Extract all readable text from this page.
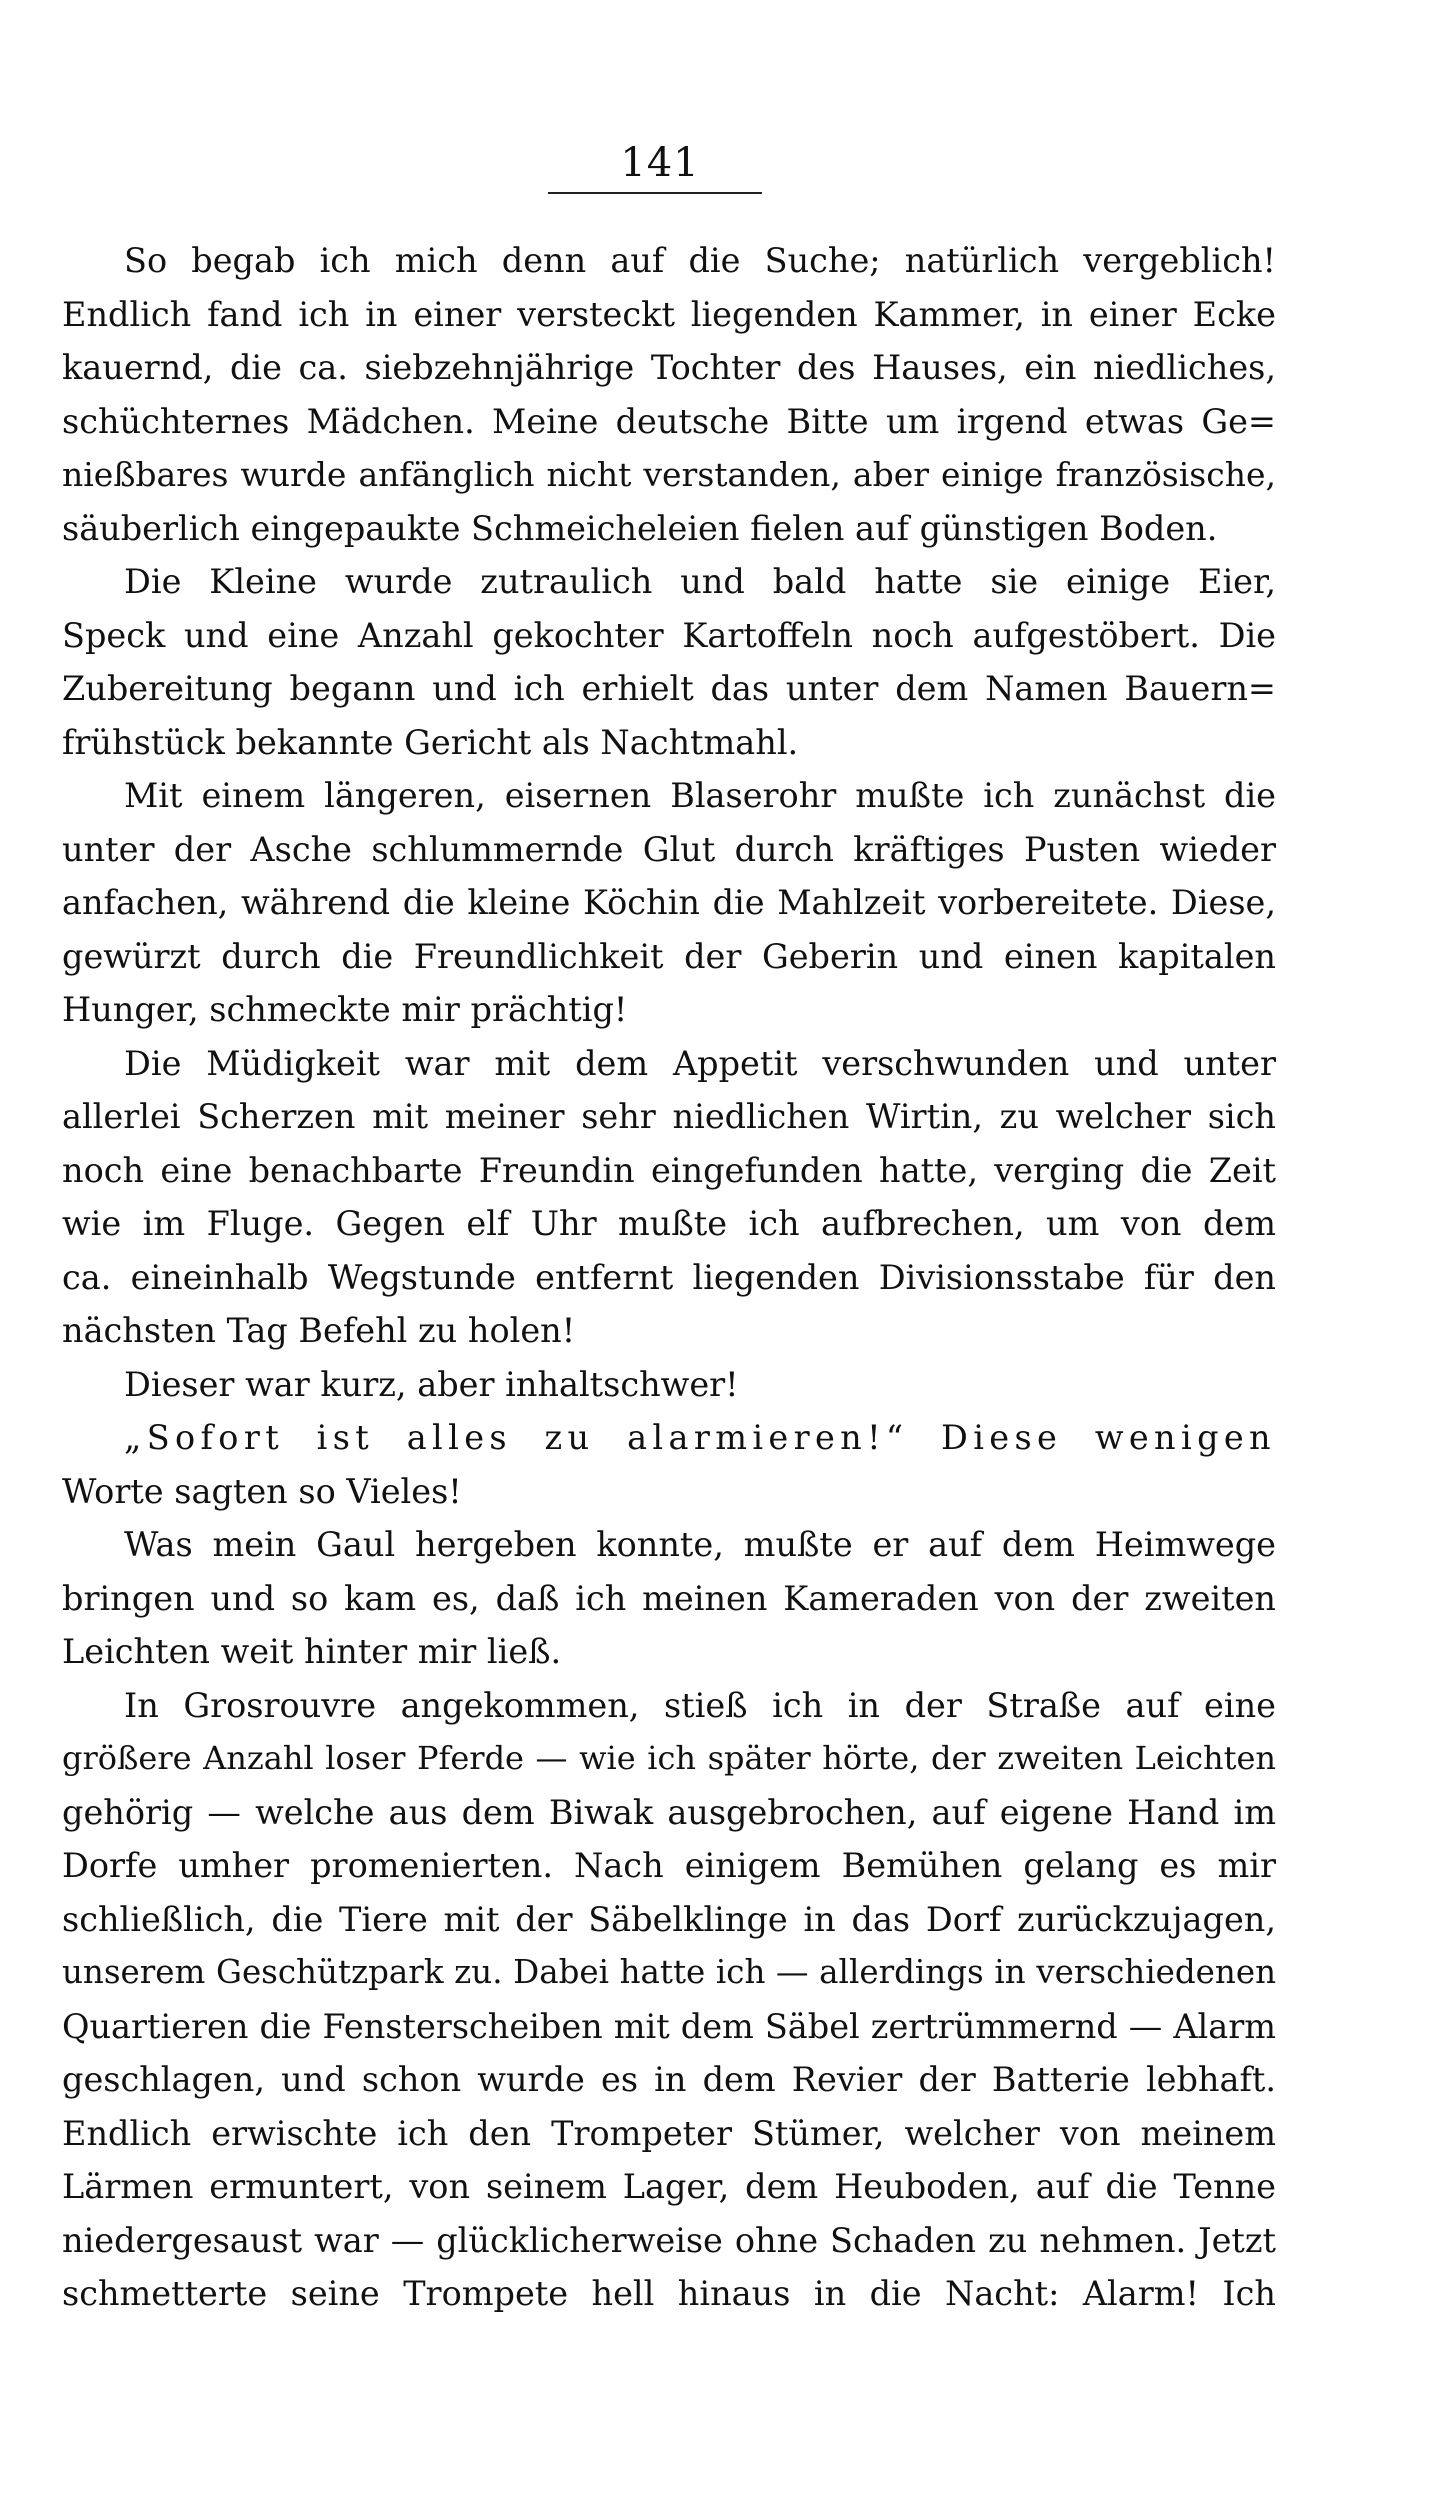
141
So begab ich mich denn auf die Suche; natürlich vergeblich!
Endlich fand ich in einer versteckt liegenden Kammer, in einer Ecke
kauernd, die ca. siebzehnjährige Tochter des Hauses, ein niedliches,
schüchternes Mädchen. Meine deutsche Bitte um irgend etwas Ge=
nießbares wurde anfänglich nicht verstanden, aber einige französische,
säuberlich eingepaukte Schmeicheleien fielen auf günstigen Boden.
Die Kleine wurde zutraulich und bald hatte sie einige Eier,
Speck und eine Anzahl gekochter Kartoffeln noch aufgestöbert. Die
Zubereitung begann und ich erhielt das unter dem Namen Bauern=
frühstück bekannte Gericht als Nachtmahl.
Mit einem längeren, eisernen Blaserohr mußte ich zunächst die
unter der Asche schlummernde Glut durch kräftiges Pusten wieder
anfachen, während die kleine Köchin die Mahlzeit vorbereitete. Diese,
gewürzt durch die Freundlichkeit der Geberin und einen kapitalen
Hunger, schmeckte mir prächtig!
Die Müdigkeit war mit dem Appetit verschwunden und unter
allerlei Scherzen mit meiner sehr niedlichen Wirtin, zu welcher sich
noch eine benachbarte Freundin eingefunden hatte, verging die Zeit
wie im Fluge. Gegen elf Uhr mußte ich aufbrechen, um von dem
ca. eineinhalb Wegstunde entfernt liegenden Divisionsstabe für den
nächsten Tag Befehl zu holen!
Dieser war kurz, aber inhaltschwer!
„Sofort ist alles zu alarmieren!“ Diese wenigen
Worte sagten so Vieles!
Was mein Gaul hergeben konnte, mußte er auf dem Heimwege
bringen und so kam es, daß ich meinen Kameraden von der zweiten
Leichten weit hinter mir ließ.
In Grosrouvre angekommen, stieß ich in der Straße auf eine
größere Anzahl loser Pferde — wie ich später hörte, der zweiten Leichten
gehörig — welche aus dem Biwak ausgebrochen, auf eigene Hand im
Dorfe umher promenierten. Nach einigem Bemühen gelang es mir
schließlich, die Tiere mit der Säbelklinge in das Dorf zurückzujagen,
unserem Geschützpark zu. Dabei hatte ich — allerdings in verschiedenen
Quartieren die Fensterscheiben mit dem Säbel zertrümmernd — Alarm
geschlagen, und schon wurde es in dem Revier der Batterie lebhaft.
Endlich erwischte ich den Trompeter Stümer, welcher von meinem
Lärmen ermuntert, von seinem Lager, dem Heuboden, auf die Tenne
niedergesaust war — glücklicherweise ohne Schaden zu nehmen. Jetzt
schmetterte seine Trompete hell hinaus in die Nacht: Alarm! Ich
